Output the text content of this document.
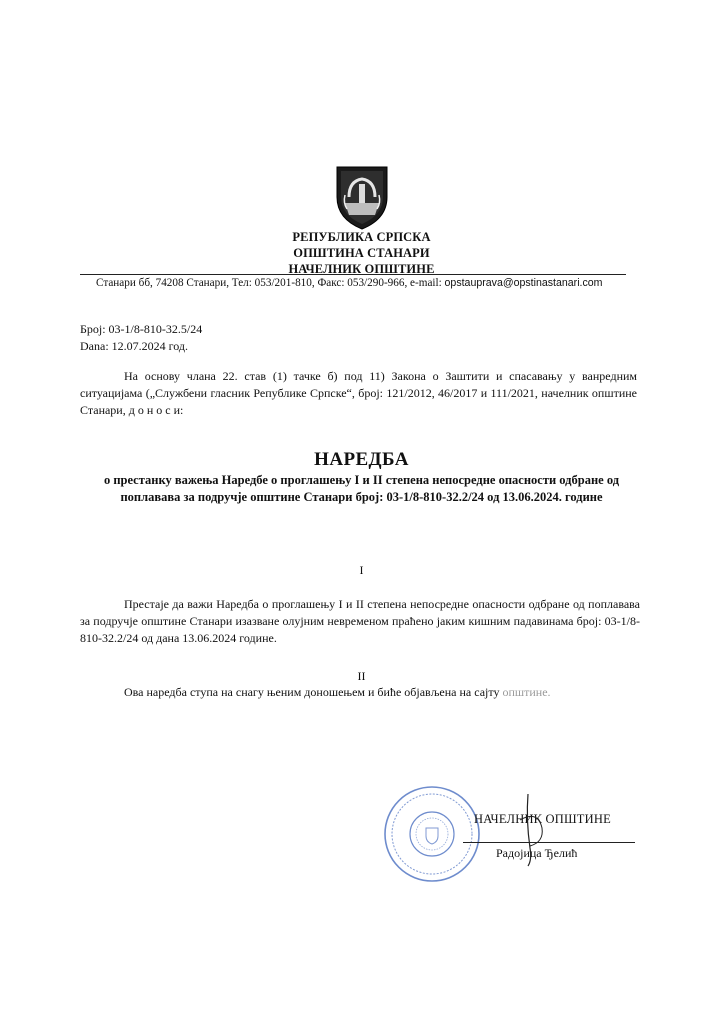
РЕПУБЛИКА СРПСКА
ОПШТИНА СТАНАРИ
НАЧЕЛНИК ОПШТИНЕ
Станари бб, 74208 Станари, Тел: 053/201-810, Факс: 053/290-966, e-mail: opstauprava@opstinastanari.com
Број: 03-1/8-810-32.5/24
Dana: 12.07.2024 год.
На основу члана 22. став (1) тачке б) под 11) Закона о Заштити и спасавању у ванредним ситуацијама („Службени гласник Републике Српске“, број: 121/2012, 46/2017 и 111/2021, начелник општине Станари, д о н о с и:
НАРЕДБА
о престанку важења Наредбе о проглашењу I и II степена непосредне опасности одбране од поплавава за подручје општине Станари број: 03-1/8-810-32.2/24 од 13.06.2024. године
I
Престаје да важи Наредба о проглашењу I и II степена непосредне опасности одбране од поплавава за подручје општине Станари изазване олујним невременом праћено јаким кишним падавинама број: 03-1/8-810-32.2/24 од дана 13.06.2024 године.
II
Ова наредба ступа на снагу њеним доношењем и биће објављена на сајту општине.
НАЧЕЛНИК ОПШТИНЕ
Радојица Ђелић
